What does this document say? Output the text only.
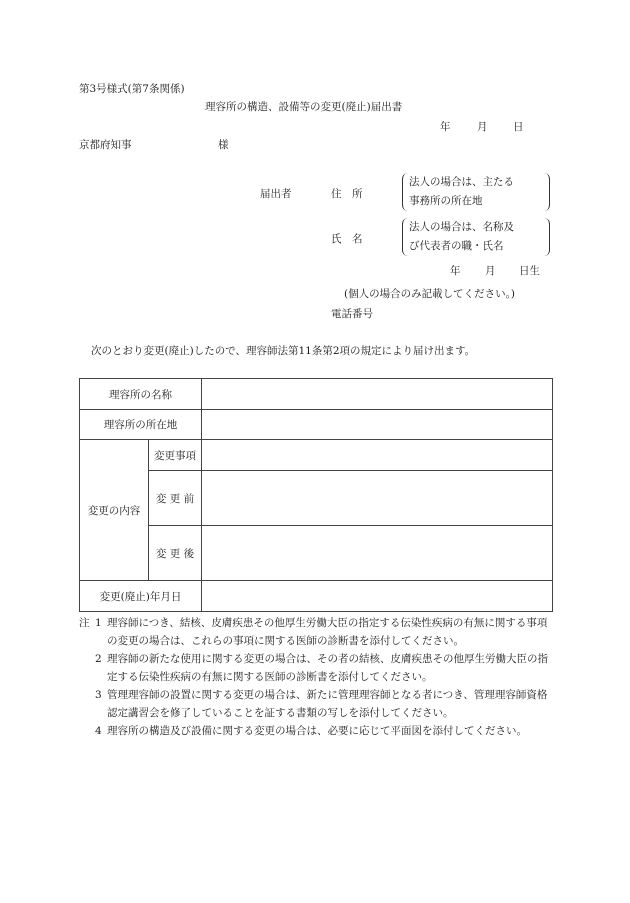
第3号様式(第7条関係)
理容所の構造、設備等の変更(廃止)届出書
年	月 日
京都府知事	様
届出者	住　所
法人の場合は、主たる
事務所の所在地
氏　名
法人の場合は、名称及
び代表者の職・氏名
年 月 日生
(個人の場合のみ記載してください。)
電話番号
次のとおり変更(廃止)したので、理容師法第11条第2項の規定により届け出ます。
理容所の名称		
理容所の所在地		
変更の内容	変更事項	
	変 更 前	
	変 更 後	
変更(廃止)年月日		
注 1 理容師につき、結核、皮膚疾患その他厚生労働大臣の指定する伝染性疾病の有無に関する事項の変更の場合は、これらの事項に関する医師の診断書を添付してください。
2 理容師の新たな使用に関する変更の場合は、その者の結核、皮膚疾患その他厚生労働大臣の指定する伝染性疾病の有無に関する医師の診断書を添付してください。
3 管理理容師の設置に関する変更の場合は、新たに管理理容師となる者につき、管理理容師資格認定講習会を修了していることを証する書類の写しを添付してください。
4 理容所の構造及び設備に関する変更の場合は、必要に応じて平面図を添付してください。
